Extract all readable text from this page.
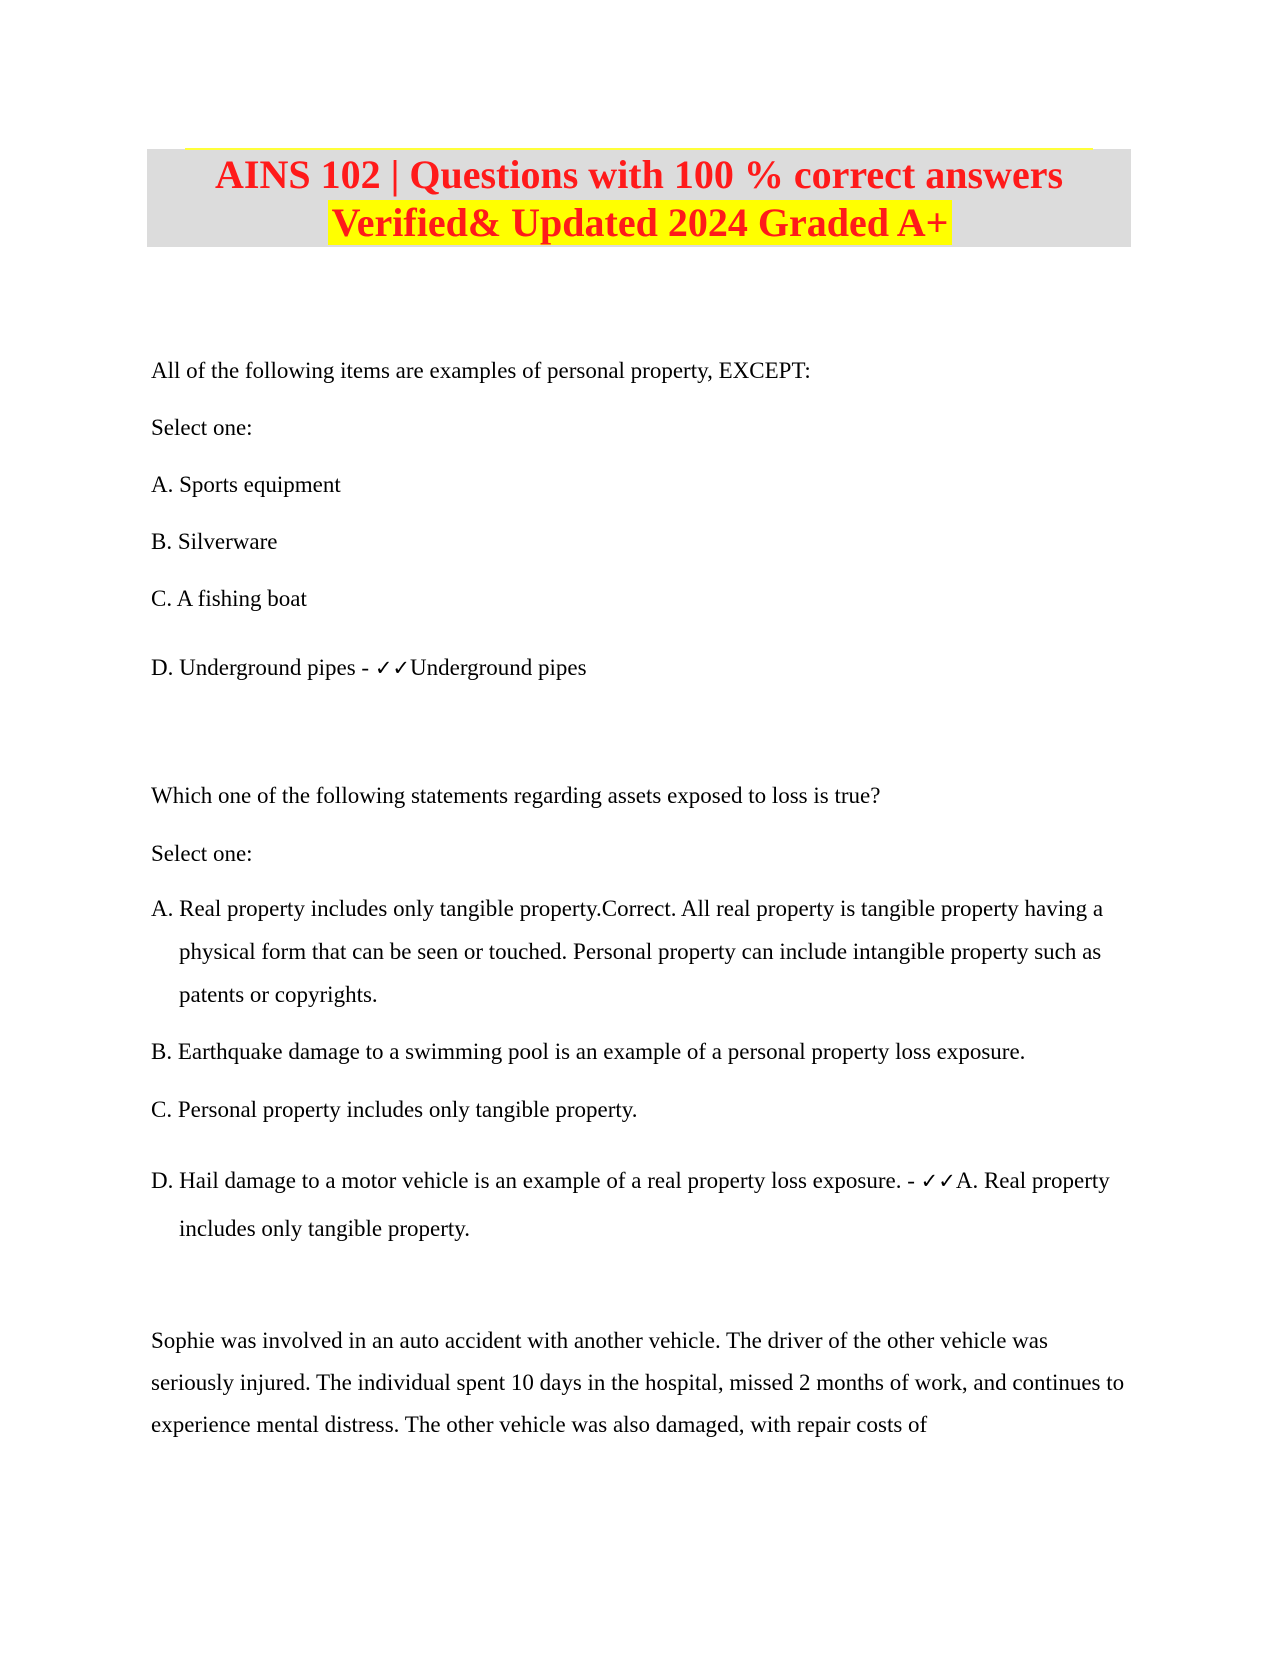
AINS 102 | Questions with 100 % correct answers
Verified& Updated 2024 Graded A+
All of the following items are examples of personal property, EXCEPT:
Select one:
A. Sports equipment
B. Silverware
C. A fishing boat
D. Underground pipes - ✓✓Underground pipes
Which one of the following statements regarding assets exposed to loss is true?
Select one:
A. Real property includes only tangible property.Correct. All real property is tangible property having a physical form that can be seen or touched. Personal property can include intangible property such as patents or copyrights.
B. Earthquake damage to a swimming pool is an example of a personal property loss exposure.
C. Personal property includes only tangible property.
D. Hail damage to a motor vehicle is an example of a real property loss exposure. - ✓✓A. Real property includes only tangible property.
Sophie was involved in an auto accident with another vehicle. The driver of the other vehicle was seriously injured. The individual spent 10 days in the hospital, missed 2 months of work, and continues to experience mental distress. The other vehicle was also damaged, with repair costs of
